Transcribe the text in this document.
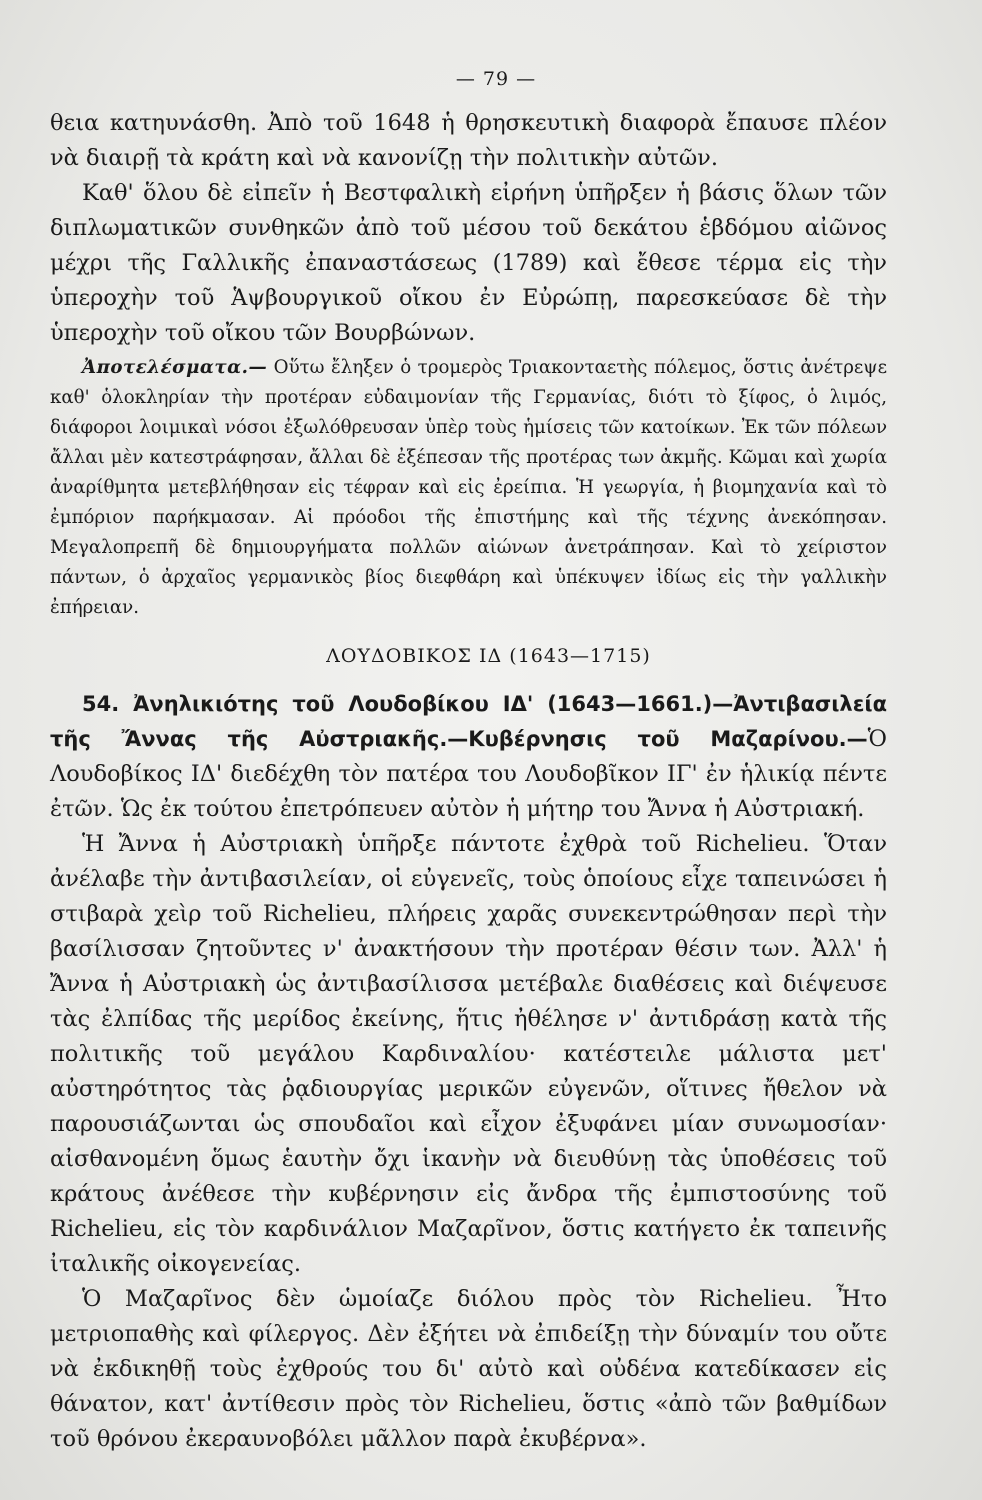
— 79 —

θεια κατηυνάσθη. Ἀπὸ τοῦ 1648 ἡ θρησκευτικὴ διαφορὰ ἔπαυσε πλέον νὰ διαιρῇ τὰ κράτη καὶ νὰ κανονίζῃ τὴν πολιτικὴν αὐτῶν.

Καθ' ὅλου δὲ εἰπεῖν ἡ Βεστφαλικὴ εἰρήνη ὑπῆρξεν ἡ βάσις ὅλων τῶν διπλωματικῶν συνθηκῶν ἀπὸ τοῦ μέσου τοῦ δεκάτου ἑβδόμου αἰῶνος μέχρι τῆς Γαλλικῆς ἐπαναστάσεως (1789) καὶ ἔθεσε τέρμα εἰς τὴν ὑπεροχὴν τοῦ Ἁψβουργικοῦ οἴκου ἐν Εὐρώπῃ, παρεσκεύασε δὲ τὴν ὑπεροχὴν τοῦ οἴκου τῶν Βουρβώνων.

Ἀποτελέσματα.— Οὕτω ἔληξεν ὁ τρομερὸς Τριακονταετὴς πόλεμος, ὅστις ἀνέτρεψε καθ' ὁλοκληρίαν τὴν προτέραν εὐδαιμονίαν τῆς Γερμανίας, διότι τὸ ξίφος, ὁ λιμός, διάφοροι λοιμικαὶ νόσοι ἐξωλόθρευσαν ὑπὲρ τοὺς ἡμίσεις τῶν κατοίκων. Ἐκ τῶν πόλεων ἄλλαι μὲν κατεστράφησαν, ἄλλαι δὲ ἐξέπεσαν τῆς προτέρας των ἀκμῆς. Κῶμαι καὶ χωρία ἀναρίθμητα μετεβλήθησαν εἰς τέφραν καὶ εἰς ἐρείπια. Ἡ γεωργία, ἡ βιομηχανία καὶ τὸ ἐμπόριον παρήκμασαν. Αἱ πρόοδοι τῆς ἐπιστήμης καὶ τῆς τέχνης ἀνεκόπησαν. Μεγαλοπρεπῆ δὲ δημιουργήματα πολλῶν αἰώνων ἀνετράπησαν. Καὶ τὸ χείριστον πάντων, ὁ ἀρχαῖος γερμανικὸς βίος διεφθάρη καὶ ὑπέκυψεν ἰδίως εἰς τὴν γαλλικὴν ἐπήρειαν.

ΛΟΥΔΟΒΙΚΟΣ ΙΔ (1643—1715)

54. Ἀνηλικιότης τοῦ Λουδοβίκου ΙΔ' (1643—1661.)—Ἀντιβασιλεία τῆς Ἄννας τῆς Αὐστριακῆς.—Κυβέρνησις τοῦ Μαζαρίνου.—Ὁ Λουδοβίκος ΙΔ' διεδέχθη τὸν πατέρα του Λουδοβῖκον ΙΓ' ἐν ἡλικίᾳ πέντε ἐτῶν. Ὡς ἐκ τούτου ἐπετρόπευεν αὐτὸν ἡ μήτηρ του Ἄννα ἡ Αὐστριακή.

Ἡ Ἄννα ἡ Αὐστριακὴ ὑπῆρξε πάντοτε ἐχθρὰ τοῦ Richelieu. Ὅταν ἀνέλαβε τὴν ἀντιβασιλείαν, οἱ εὐγενεῖς, τοὺς ὁποίους εἶχε ταπεινώσει ἡ στιβαρὰ χεὶρ τοῦ Richelieu, πλήρεις χαρᾶς συνεκεντρώθησαν περὶ τὴν βασίλισσαν ζητοῦντες ν' ἀνακτήσουν τὴν προτέραν θέσιν των. Ἀλλ' ἡ Ἄννα ἡ Αὐστριακὴ ὡς ἀντιβασίλισσα μετέβαλε διαθέσεις καὶ διέψευσε τὰς ἐλπίδας τῆς μερίδος ἐκείνης, ἥτις ἠθέλησε ν' ἀντιδράσῃ κατὰ τῆς πολιτικῆς τοῦ μεγάλου Καρδιναλίου· κατέστειλε μάλιστα μετ' αὐστηρότητος τὰς ῥᾳδιουργίας μερικῶν εὐγενῶν, οἵτινες ἤθελον νὰ παρουσιάζωνται ὡς σπουδαῖοι καὶ εἶχον ἐξυφάνει μίαν συνωμοσίαν· αἰσθανομένη ὅμως ἑαυτὴν ὄχι ἱκανὴν νὰ διευθύνῃ τὰς ὑποθέσεις τοῦ κράτους ἀνέθεσε τὴν κυβέρνησιν εἰς ἄνδρα τῆς ἐμπιστοσύνης τοῦ Richelieu, εἰς τὸν καρδινάλιον Μαζαρῖνον, ὅστις κατήγετο ἐκ ταπεινῆς ἰταλικῆς οἰκογενείας.

Ὁ Μαζαρῖνος δὲν ὡμοίαζε διόλου πρὸς τὸν Richelieu. Ἦτο μετριοπαθὴς καὶ φίλεργος. Δὲν ἐξήτει νὰ ἐπιδείξῃ τὴν δύναμίν του οὔτε νὰ ἐκδικηθῇ τοὺς ἐχθρούς του δι' αὐτὸ καὶ οὐδένα κατεδίκασεν εἰς θάνατον, κατ' ἀντίθεσιν πρὸς τὸν Richelieu, ὅστις «ἀπὸ τῶν βαθμίδων τοῦ θρόνου ἐκεραυνοβόλει μᾶλλον παρὰ ἐκυβέρνα».
